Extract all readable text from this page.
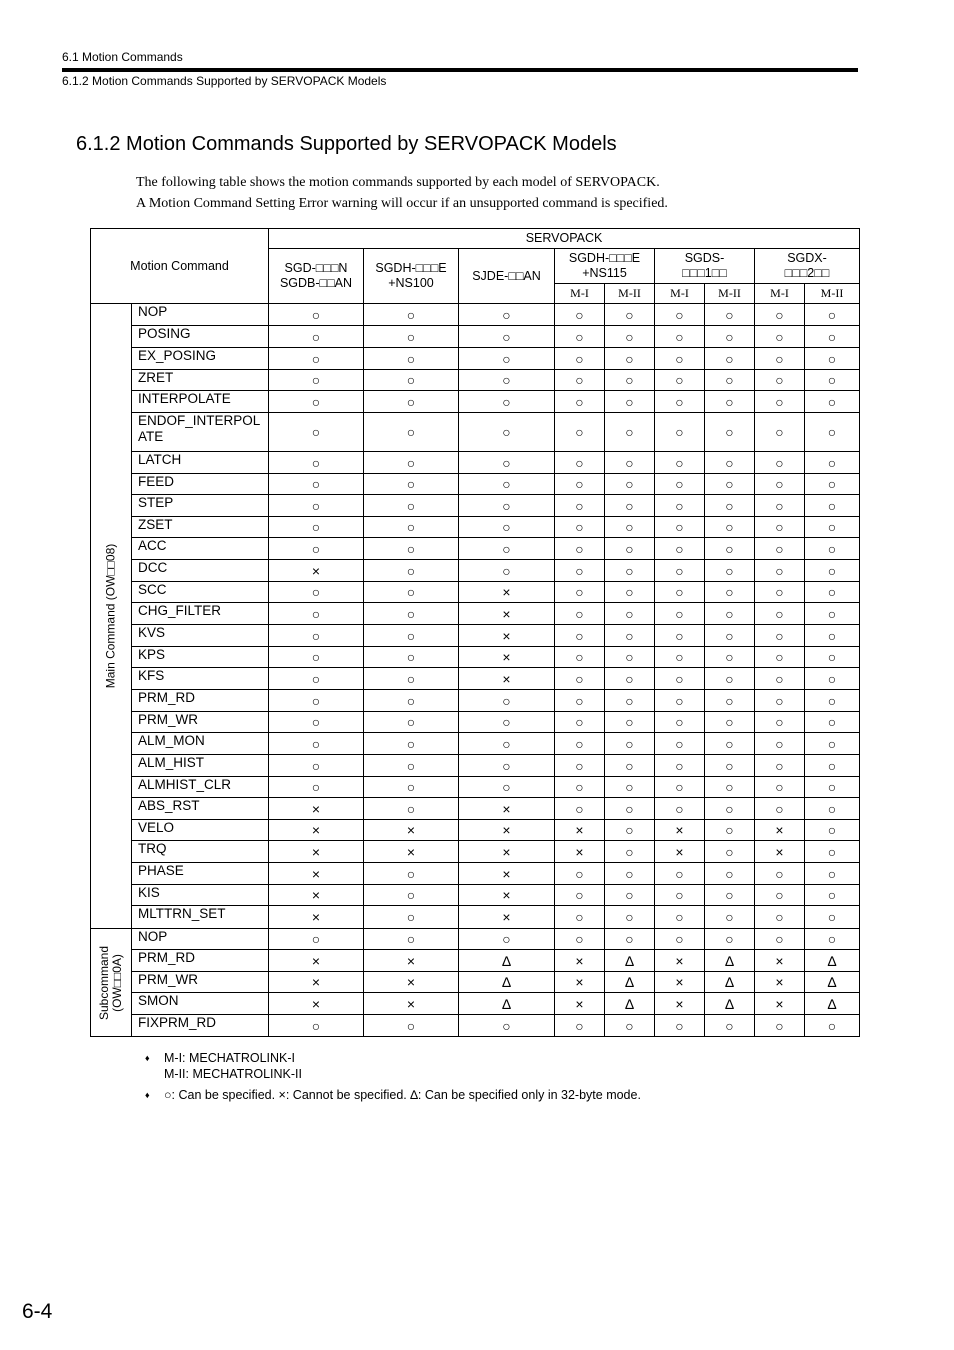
6.1 Motion Commands
6.1.2 Motion Commands Supported by SERVOPACK Models
6.1.2 Motion Commands Supported by SERVOPACK Models

The following table shows the motion commands supported by each model of SERVOPACK.

A Motion Command Setting Error warning will occur if an unsupported command is specified.

Motion Command		SERVOPACK								
		SGD-□□□N
SGDB-□□AN	SGDH-□□□E
+NS100	SJDE-□□AN	SGDH-□□□E
+NS115		SGDS-
□□□1□□		SGDX-
□□□2□□	
					M-I	M-II	M-I	M-II	M-I	M-II

Main Command (OW□□08)	NOP	○	○	○	○	○	○	○	○	○
	POSING	○	○	○	○	○	○	○	○	○
	EX_POSING	○	○	○	○	○	○	○	○	○
	ZRET	○	○	○	○	○	○	○	○	○
	INTERPOLATE	○	○	○	○	○	○	○	○	○
	ENDOF_INTERPOL
ATE	○	○	○	○	○	○	○	○	○
	LATCH	○	○	○	○	○	○	○	○	○
	FEED	○	○	○	○	○	○	○	○	○
	STEP	○	○	○	○	○	○	○	○	○
	ZSET	○	○	○	○	○	○	○	○	○
	ACC	○	○	○	○	○	○	○	○	○
	DCC	×	○	○	○	○	○	○	○	○
	SCC	○	○	×	○	○	○	○	○	○
	CHG_FILTER	○	○	×	○	○	○	○	○	○
	KVS	○	○	×	○	○	○	○	○	○
	KPS	○	○	×	○	○	○	○	○	○
	KFS	○	○	×	○	○	○	○	○	○
	PRM_RD	○	○	○	○	○	○	○	○	○
	PRM_WR	○	○	○	○	○	○	○	○	○
	ALM_MON	○	○	○	○	○	○	○	○	○
	ALM_HIST	○	○	○	○	○	○	○	○	○
	ALMHIST_CLR	○	○	○	○	○	○	○	○	○
	ABS_RST	×	○	×	○	○	○	○	○	○
	VELO	×	×	×	×	○	×	○	×	○
	TRQ	×	×	×	×	○	×	○	×	○
	PHASE	×	○	×	○	○	○	○	○	○
	KIS	×	○	×	○	○	○	○	○	○
	MLTTRN_SET	×	○	×	○	○	○	○	○	○

Subcommand
(OW□□0A)	NOP	○	○	○	○	○	○	○	○	○
	PRM_RD	×	×	∆	×	∆	×	∆	×	∆
	PRM_WR	×	×	∆	×	∆	×	∆	×	∆
	SMON	×	×	∆	×	∆	×	∆	×	∆
	FIXPRM_RD	○	○	○	○	○	○	○	○	○
♦ M-I: MECHATROLINK-I
M-II: MECHATROLINK-II
♦ ○: Can be specified. ×: Cannot be specified. ∆: Can be specified only in 32-byte mode.
6-4
